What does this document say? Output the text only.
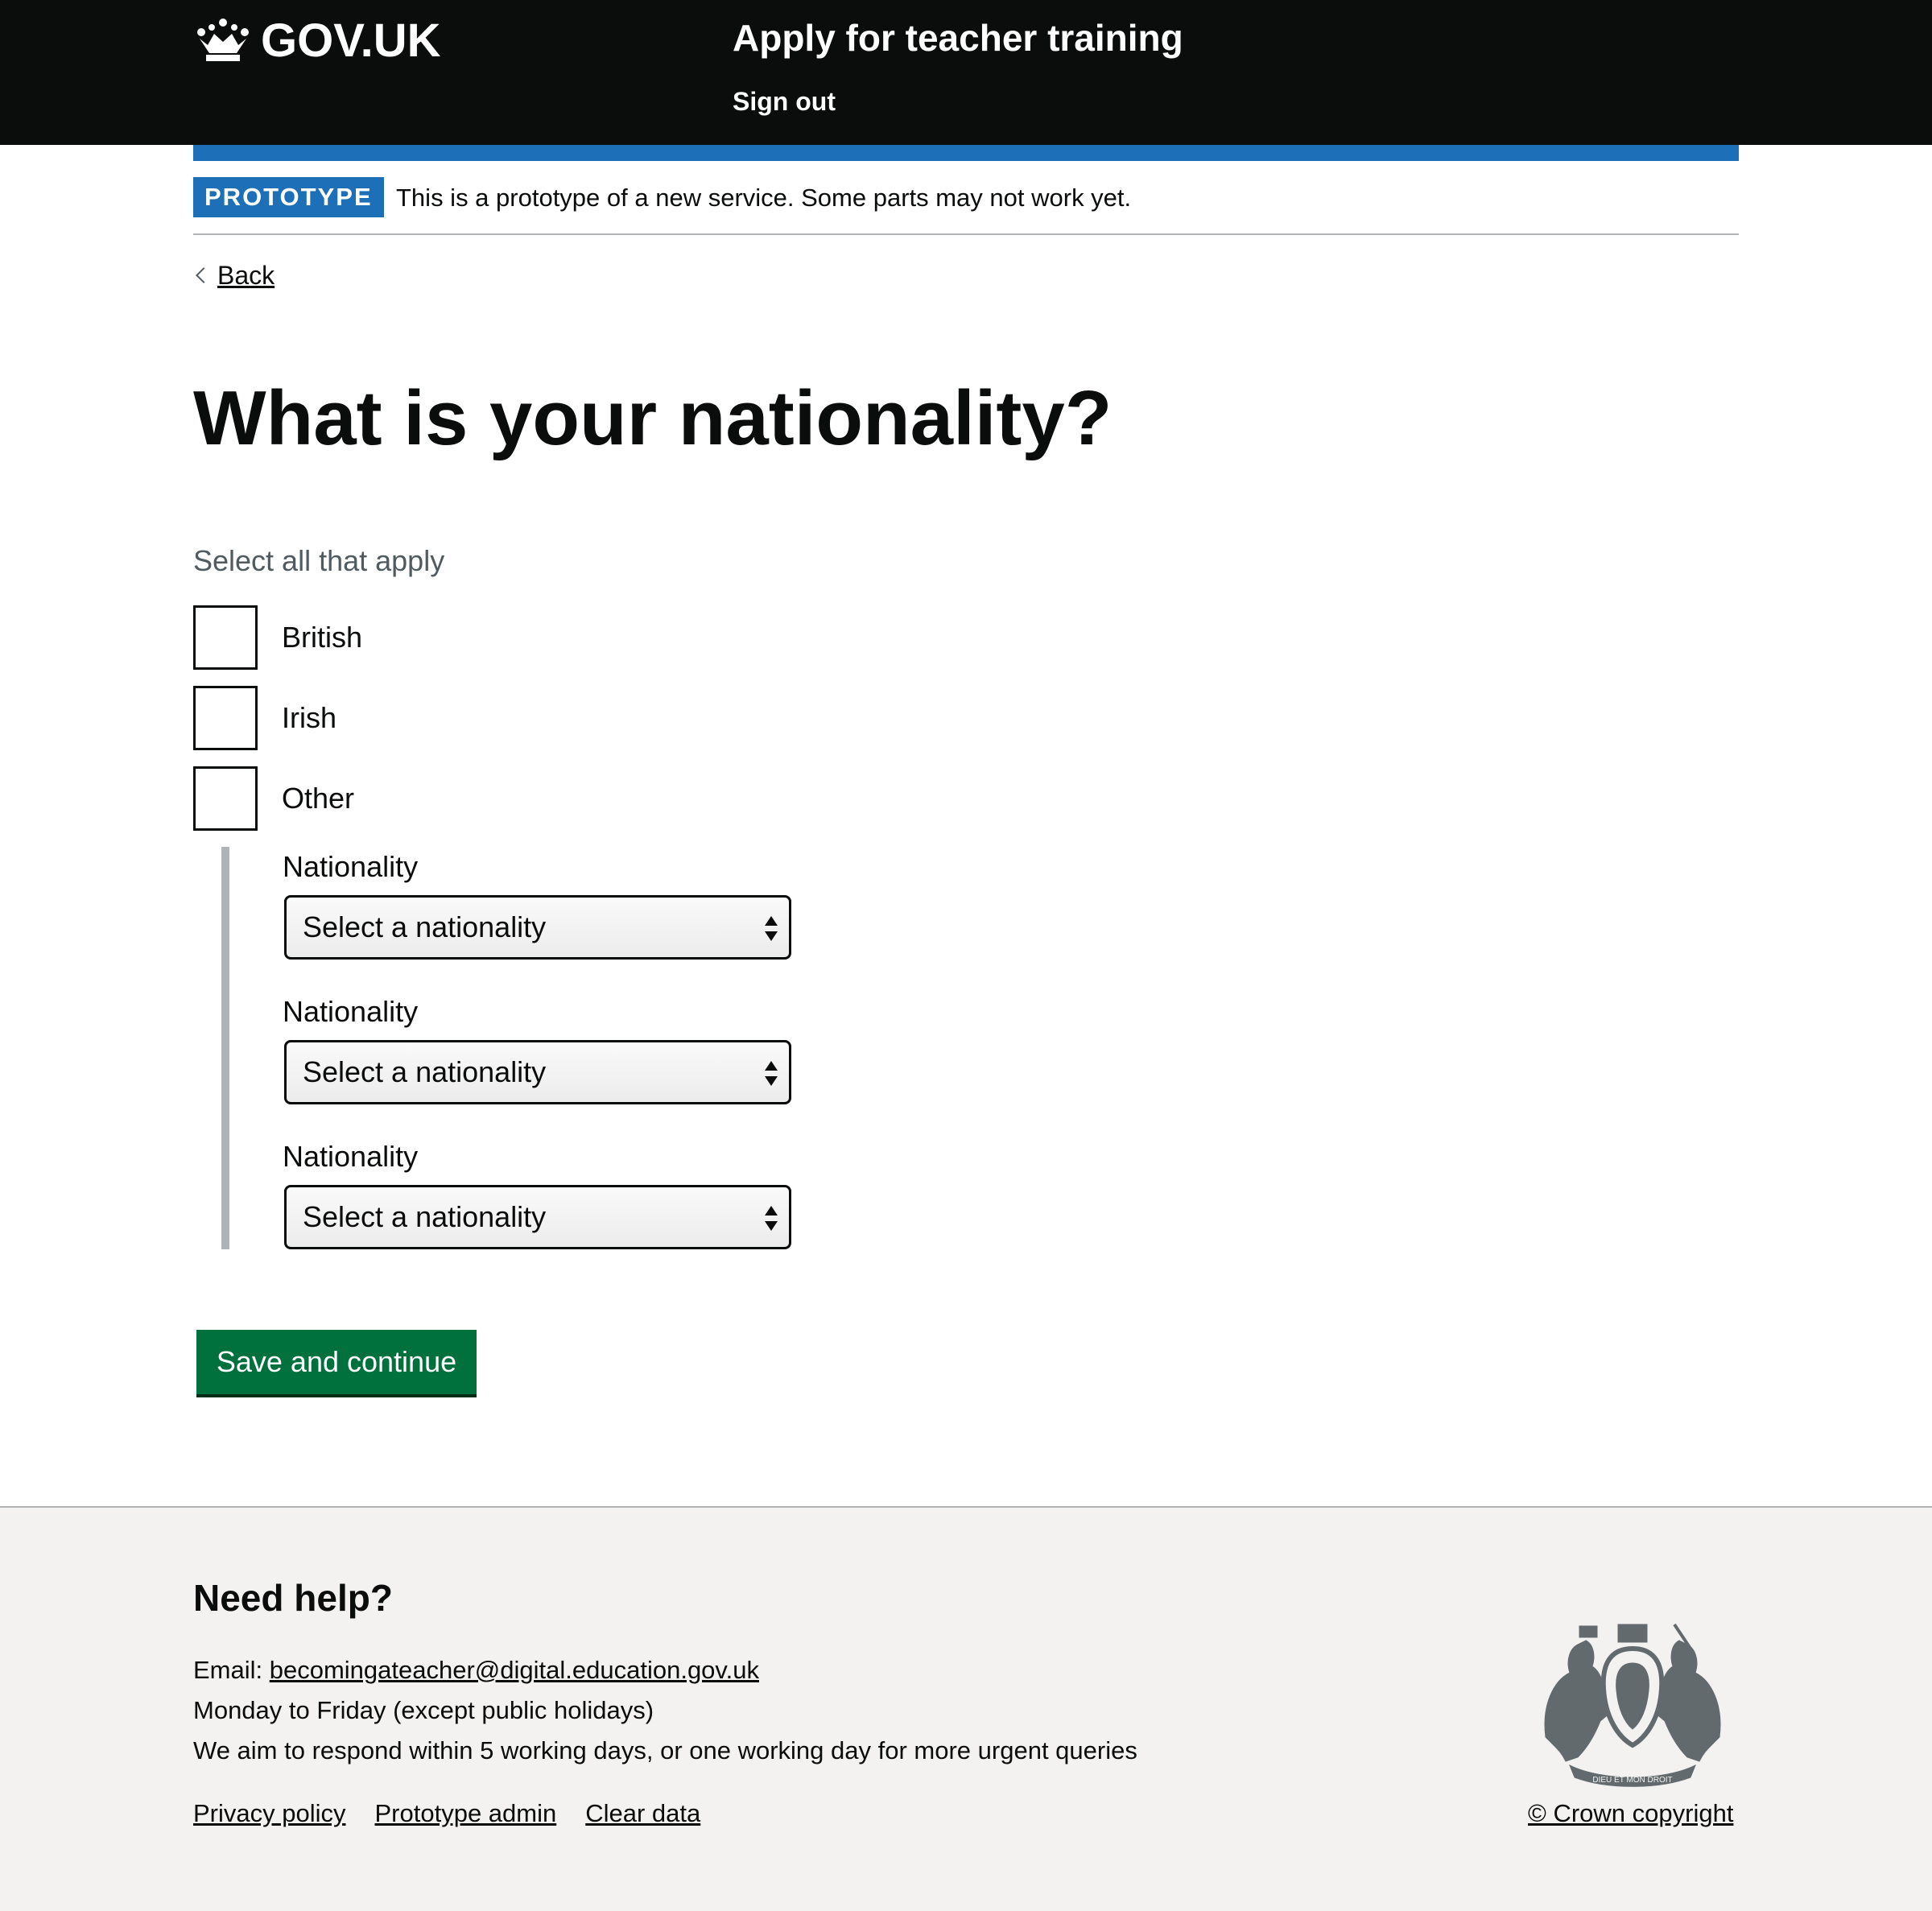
GOV.UK	Apply for teacher training
Sign out
PROTOTYPE This is a prototype of a new service. Some parts may not work yet.
Back
What is your nationality?
Select all that apply
British
Irish
Other
Nationality
Select a nationality
Nationality
Select a nationality
Nationality
Select a nationality
Save and continue
Need help?
Email: becomingateacher@digital.education.gov.uk
Monday to Friday (except public holidays)
We aim to respond within 5 working days, or one working day for more urgent queries
Privacy policy Prototype admin Clear data
DIEU ET MON DROIT
© Crown copyright
